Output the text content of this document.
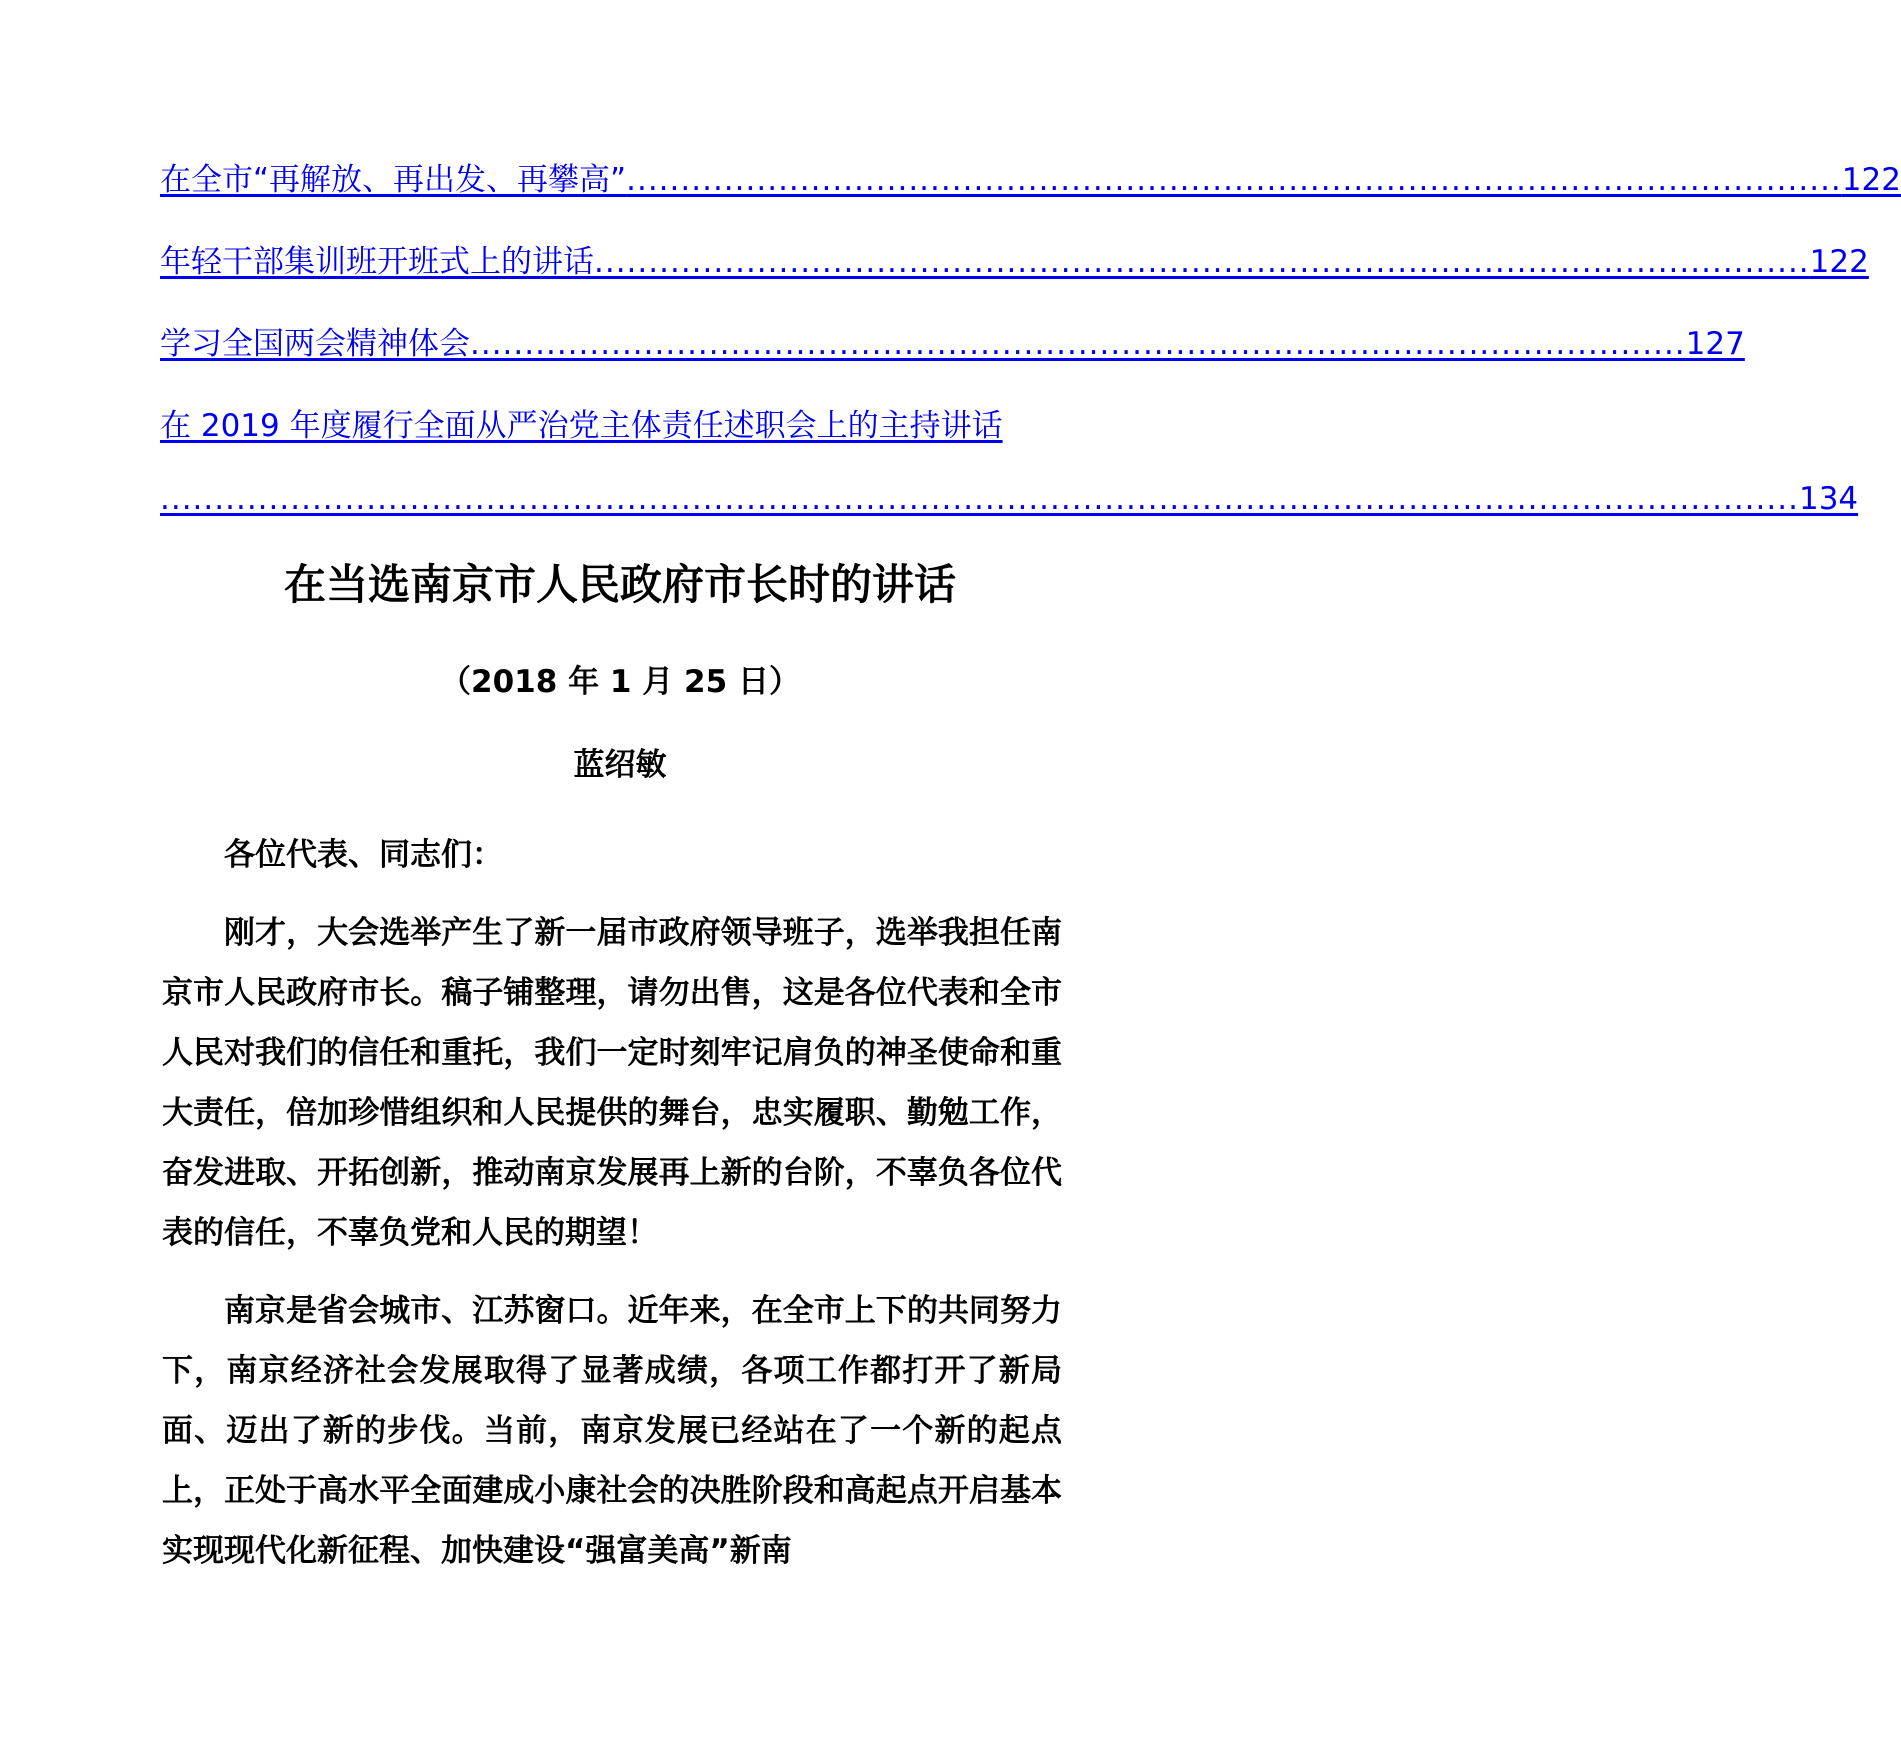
在全市“再解放、再出发、再攀高” ................................................................................................................ 122
年轻干部集训班开班式上的讲话 ................................................................................................................ 122
学习全国两会精神体会 ................................................................................................................ 127
在 2019 年度履行全面从严治党主体责任述职会上的主持讲话
....................................................................................................................................................... 134
在当选南京市人民政府市长时的讲话
（2018 年 1 月 25 日）
蓝绍敏

各位代表、同志们：

刚才，大会选举产生了新一届市政府领导班子，选举我担任南京市人民政府市长。稿子铺整理，请勿出售，这是各位代表和全市人民对我们的信任和重托，我们一定时刻牢记肩负的神圣使命和重大责任，倍加珍惜组织和人民提供的舞台，忠实履职、勤勉工作，奋发进取、开拓创新，推动南京发展再上新的台阶，不辜负各位代表的信任，不辜负党和人民的期望！

南京是省会城市、江苏窗口。近年来，在全市上下的共同努力下，南京经济社会发展取得了显著成绩，各项工作都打开了新局面、迈出了新的步伐。当前，南京发展已经站在了一个新的起点上，正处于高水平全面建成小康社会的决胜阶段和高起点开启基本实现现代化新征程、加快建设“强富美高”新南
